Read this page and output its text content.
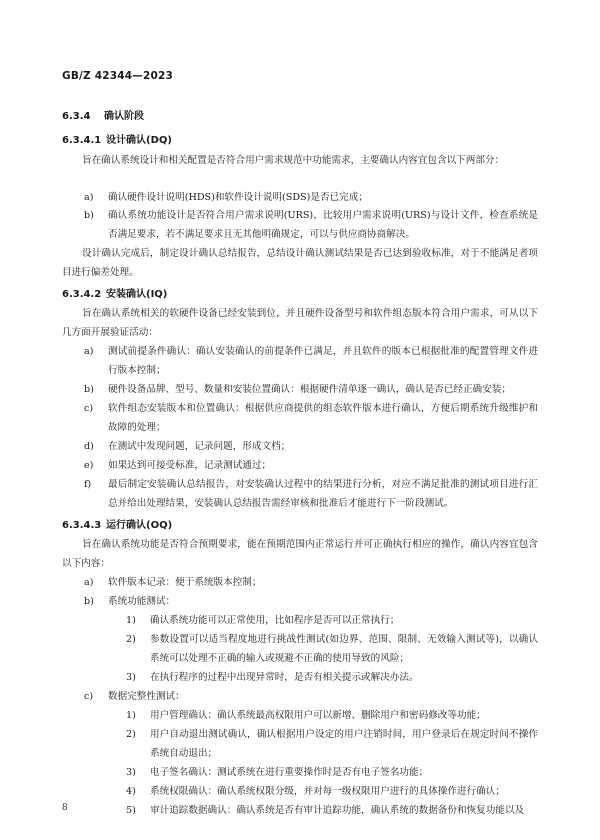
GB/Z 42344—2023
6.3.4 确认阶段
6.3.4.1 设计确认(DQ)
旨在确认系统设计和相关配置是否符合用户需求规范中功能需求，主要确认内容宜包含以下两部分：
a)	确认硬件设计说明(HDS)和软件设计说明(SDS)是否已完成；
b)	确认系统功能设计是否符合用户需求说明(URS)，比较用户需求说明(URS)与设计文件，检查系统是否满足要求，若不满足要求且无其他明确规定，可以与供应商协商解决。
设计确认完成后，制定设计确认总结报告，总结设计确认测试结果是否已达到验收标准，对于不能满足者项目进行偏差处理。
6.3.4.2 安装确认(IQ)
旨在确认系统相关的软硬件设备已经安装到位，并且硬件设备型号和软件组态版本符合用户需求，可从以下几方面开展验证活动：
a)	测试前提条件确认：确认安装确认的前提条件已满足，并且软件的版本已根据批准的配置管理文件进行版本控制；
b)	硬件设备品牌、型号、数量和安装位置确认：根据硬件清单逐一确认，确认是否已经正确安装；
c)	软件组态安装版本和位置确认：根据供应商提供的组态软件版本进行确认，方便后期系统升级维护和故障的处理；
d)	在测试中发现问题，记录问题，形成文档；
e)	如果达到可接受标准，记录测试通过；
f)	最后制定安装确认总结报告，对安装确认过程中的结果进行分析，对应不满足批准的测试项目进行汇总并给出处理结果，安装确认总结报告需经审核和批准后才能进行下一阶段测试。
6.3.4.3 运行确认(OQ)
旨在确认系统功能是否符合预期要求，能在预期范围内正常运行并可正确执行相应的操作，确认内容宜包含以下内容：
a)	软件版本记录：便于系统版本控制；
b)	系统功能测试：
1)	确认系统功能可以正常使用，比如程序是否可以正常执行；
2)	参数设置可以适当程度地进行挑战性测试(如边界、范围、限制、无效输入测试等)，以确认系统可以处理不正确的输入或规避不正确的使用导致的风险；
3)	在执行程序的过程中出现异常时，是否有相关提示或解决办法。
c)	数据完整性测试：
1)	用户管理确认：确认系统最高权限用户可以新增、删除用户和密码修改等功能；
2)	用户自动退出测试确认，确认根据用户设定的用户注销时间，用户登录后在规定时间不操作系统自动退出；
3)	电子签名确认：测试系统在进行重要操作时是否有电子签名功能；
4)	系统权限确认：确认系统权限分级，并对每一级权限用户进行的具体操作进行确认；
5)	审计追踪数据确认：确认系统是否有审计追踪功能，确认系统的数据备份和恢复功能以及
8
